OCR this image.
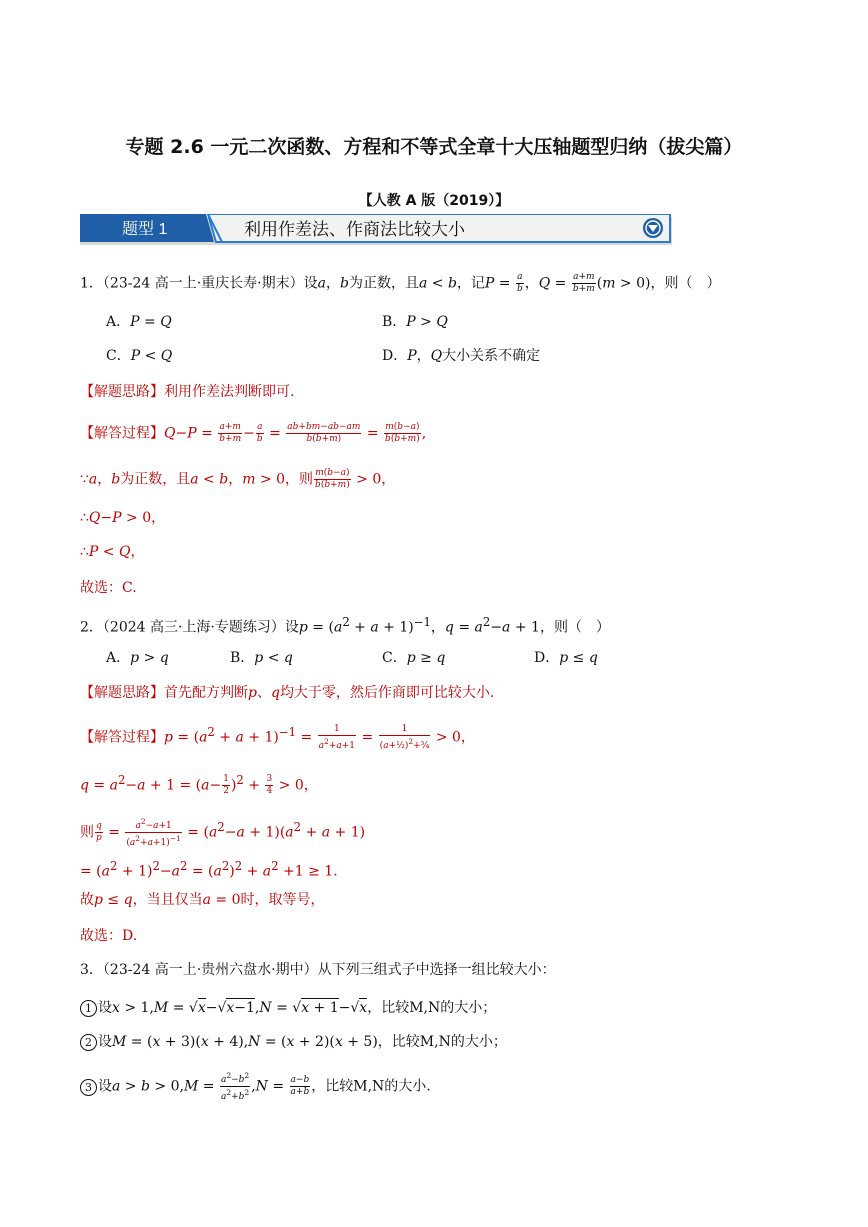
专题 2.6 一元二次函数、方程和不等式全章十大压轴题型归纳（拔尖篇）
【人教 A 版（2019）】
题型 1	利用作差法、作商法比较大小
1．（23-24 高一上·重庆长寿·期末）设a，b为正数，且a < b，记$P = \frac{a}{b}$ ，$Q = \frac{a+m}{b+m} (m > 0)$，则（　）
A．P = Q	B．P > Q
C．P < Q	D．P，Q大小关系不确定
【解题思路】利用作差法判断即可.
【解答过程】$Q-P = \frac{a+m}{b+m} - \frac{a}{b} = \frac{ab+bm-ab-am}{b(b+m)} = \frac{m(b-a)}{b(b+m)}$ ,
∵a，b为正数，且a < b，m > 0，则 $\frac{m(b-a)}{b(b+m)} > 0$，
∴Q−P > 0，
∴P < Q，
故选：C.
2．（2024 高三·上海·专题练习）设$p = (a^2 + a + 1)^{-1}$，$q = a^2-a + 1$，则（　）
A．p > q	B．p < q	C．p ≥ q	D．p ≤ q
【解题思路】首先配方判断p、q均大于零，然后作商即可比较大小.
【解答过程】$p = (a^2 + a + 1)^{-1} = \frac{1}{a^2+a+1} = \frac{1}{(a+\frac{1}{2})^2+\frac{3}{4}} > 0$，
$q = a^2-a + 1 = (a- \frac{1}{2} )^2 + \frac{3}{4} > 0$，
则 $\frac{q}{p} = \frac{a^2-a+1}{(a^2+a+1)^{-1}} = (a^2-a + 1)(a^2 + a + 1)$
= $(a^2 + 1)^2-a^2 = (a^2)^2 + a^2 +1 \ge 1$.
故p ≤ q，当且仅当a = 0时，取等号，
故选：D.
3．（23-24 高一上·贵州六盘水·期中）从下列三组式子中选择一组比较大小：
1 设x > 1,M = √x−√x−1,N = √x + 1−√x，比较M,N的大小；
2 设M = (x + 3)(x + 4),N = (x + 2)(x + 5)，比较M,N的大小；
3 设$a > b > 0,M = \frac{a^2-b^2}{a^2+b^2} ,N = \frac{a-b}{a+b}$ ，比较M,N的大小.
